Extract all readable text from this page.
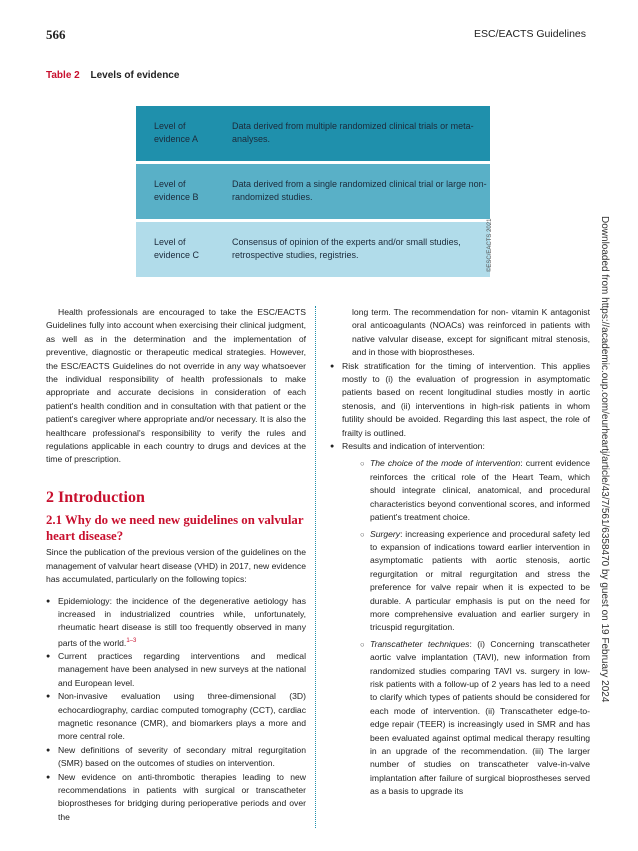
566	ESC/EACTS Guidelines
Table 2 Levels of evidence
Level of evidence A
Data derived from multiple randomized clinical trials or meta-analyses.
Level of evidence B
Data derived from a single randomized clinical trial or large non-randomized studies.
Level of evidence C
Consensus of opinion of the experts and/or small studies, retrospective studies, registries.	©ESC/EACTS 2021	Downloaded from https://academic.oup.com/eurheartj/article/43/7/561/6358470 by guest on 19 February 2024

Health professionals are encouraged to take the ESC/EACTS Guidelines fully into account when exercising their clinical judgment, as well as in the determination and the implementation of preventive, diagnostic or therapeutic medical strategies. However, the ESC/EACTS Guidelines do not override in any way whatsoever the individual responsibility of health professionals to make appropriate and accurate decisions in consideration of each patient's health condition and in consultation with that patient or the patient's caregiver where appropriate and/or necessary. It is also the healthcare professional's responsibility to verify the rules and regulations applicable in each country to drugs and devices at the time of prescription.

2 Introduction
2.1 Why do we need new guidelines on valvular heart disease?

Since the publication of the previous version of the guidelines on the management of valvular heart disease (VHD) in 2017, new evidence has accumulated, particularly on the following topics:

● Epidemiology: the incidence of the degenerative aetiology has increased in industrialized countries while, unfortunately, rheumatic heart disease is still too frequently observed in many parts of the world.$^{1-3}$
● Current practices regarding interventions and medical management have been analysed in new surveys at the national and European level.
● Non-invasive evaluation using three-dimensional (3D) echocardiography, cardiac computed tomography (CCT), cardiac magnetic resonance (CMR), and biomarkers plays a more and more central role.
● New definitions of severity of secondary mitral regurgitation (SMR) based on the outcomes of studies on intervention.
● New evidence on anti-thrombotic therapies leading to new recommendations in patients with surgical or transcatheter bioprostheses for bridging during perioperative periods and over the

long term. The recommendation for non- vitamin K antagonist oral anticoagulants (NOACs) was reinforced in patients with native valvular disease, except for significant mitral stenosis, and in those with bioprostheses.

● Risk stratification for the timing of intervention. This applies mostly to (i) the evaluation of progression in asymptomatic patients based on recent longitudinal studies mostly in aortic stenosis, and (ii) interventions in high-risk patients in whom futility should be avoided. Regarding this last aspect, the role of frailty is outlined.
● Results and indication of intervention:
○ The choice of the mode of intervention: current evidence reinforces the critical role of the Heart Team, which should integrate clinical, anatomical, and procedural characteristics beyond conventional scores, and informed patient's treatment choice.
○ Surgery: increasing experience and procedural safety led to expansion of indications toward earlier intervention in asymptomatic patients with aortic stenosis, aortic regurgitation or mitral regurgitation and stress the preference for valve repair when it is expected to be durable. A particular emphasis is put on the need for more comprehensive evaluation and earlier surgery in tricuspid regurgitation.
○ Transcatheter techniques: (i) Concerning transcatheter aortic valve implantation (TAVI), new information from randomized studies comparing TAVI vs. surgery in low-risk patients with a follow-up of 2 years has led to a need to clarify which types of patients should be considered for each mode of intervention. (ii) Transcatheter edge-to-edge repair (TEER) is increasingly used in SMR and has been evaluated against optimal medical therapy resulting in an upgrade of the recommendation. (iii) The larger number of studies on transcatheter valve-in-valve implantation after failure of surgical bioprostheses served as a basis to upgrade its
